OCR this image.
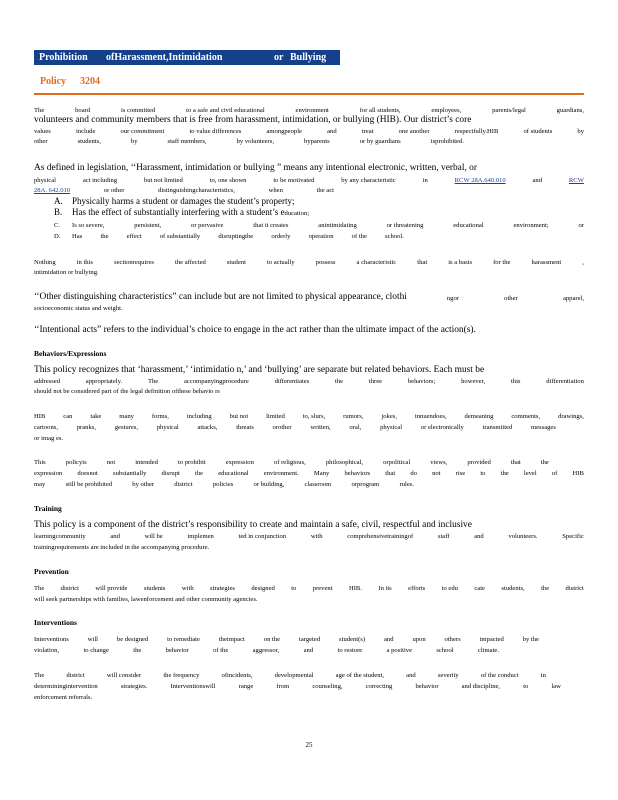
Prohibition ofHarassment,Intimidation	or Bullying
Policy 3204
The	board	is committed	to a safe and civil educational	environment	for all students,	employees,	parents/legal	guardians,
volunteers and community members that is free from harassment, intimidation, or bullying (HIB). Our district’s core
values	include	our commitment	to value differences	amongpeople	and	treat	one another	respectfully.HIB	of students	by
other	students,	by	staff members,	by volunteers,	byparents	or by guardians	isprohibited.
As defined in legislation, ‘‘Harassment, intimidation or bullying ” means any intentional electronic, written, verbal, or
physical	act including	but not limited	to, one shown	to be motivated	by any characteristic	in	RCW 28A.640.010	and	RCW
28A. 642.010	or other	distinguishingcharacteristics,	when	the act
A. Physically harms a student or damages the student’s property;
B. Has the effect of substantially interfering with a student’s education;
C.	Is so severe,	persistent,	or pervasive	that it creates	anintimidating	or threatening	educational	environment;	or
D.	Has	the	effect	of substantially	disruptingthe	orderly	operation	of the	school.
Nothing	in this	sectionrequires	the affected	student	to actually	possess	a characteristic	that	is a basis	for the	harassment	,
intimidation or bullying.
‘‘Other distinguishing characteristics” can include but are not limited to physical appearance, clothi	ngor	other	apparel,
socioeconomic status and weight.
‘‘Intentional acts” refers to the individual’s choice to engage in the act rather than the ultimate impact of the action(s).
Behaviors/Expressions
This policy recognizes that ‘harassment,’ ‘intimidatio n,’ and ‘bullying’ are separate but related behaviors. Each must be
addressed	appropriately.	The	accompanyingprocedure	differentiates	the	three	behaviors;	however,	this	differentiation
should not be considered part of the legal definition ofthese behavio rs
HIB	can	take	many	forms,	including	but not	limited	to, slurs,	rumors,	jokes,	innuendoes,	demeaning	comments,	drawings,
cartoons,	pranks,	gestures,	physical	attacks,	threats	orother	written,	oral,	physical	or electronically	transmitted	messages
or imag es.
This	policyis	not	intended	to prohibit	expression	of religious,	philosophical,	orpolitical	views,	provided	that	the
expression doesnot substantially disrupt the educational environment. Many behaviors that do not rise to the level of HIB
may	still be prohibited	by other	district	policies	or building,	classroom	orprogram	rules.
Training
This policy is a component of the district’s responsibility to create and maintain a safe, civil, respectful and inclusive
learningcommunity	and	will be	implemen	ted in conjunction	with	comprehensivetrainingof	staff	and	volunteers.	Specific
trainingrequirements are included in the accompanying procedure.
Prevention
The district will provide students with strategies designed to prevent HIB. In its efforts to edu cate students, the district
will seek partnerships with families, lawenforcement and other community agencies.
Interventions
Interventions	will	be designed	to remediate	theimpact	on the	targeted	student(s)	and	upon	others	impacted	by the
violation,	to change	the	behavior	of the	aggressor,	and	to restore	a positive	school	climate.
The	district	will consider	the frequency	ofincidents,	developmental	age of the student,	and	severity	of the conduct	in
determiningintervention	strategies.	Interventionswill	range	from	counseling,	correcting	behavior	and discipline,	to	law
enforcement referrals.
25
